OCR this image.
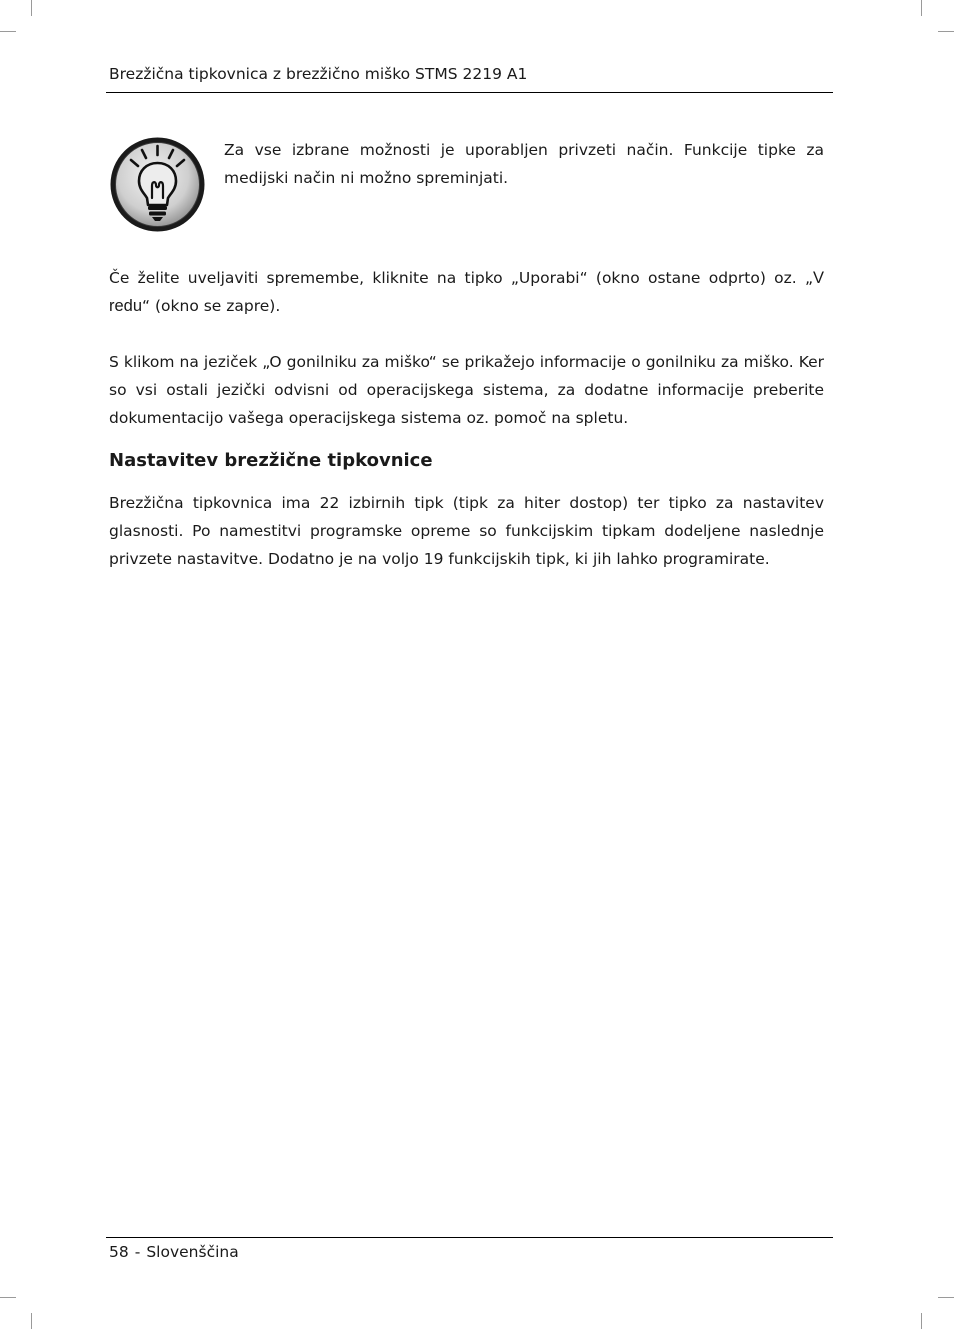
Brezžična tipkovnica z brezžično miško STMS 2219 A1

Za vse izbrane možnosti je uporabljen privzeti način. Funkcije tipke za medijski način ni možno spreminjati.

Če želite uveljaviti spremembe, kliknite na tipko „Uporabi“ (okno ostane odprto) oz. „V redu“ (okno se zapre).

S klikom na jeziček „O gonilniku za miško“ se prikažejo informacije o gonilniku za miško. Ker so vsi ostali jezički odvisni od operacijskega sistema, za dodatne informacije preberite dokumentacijo vašega operacijskega sistema oz. pomoč na spletu.

Nastavitev brezžične tipkovnice

Brezžična tipkovnica ima 22 izbirnih tipk (tipk za hiter dostop) ter tipko za nastavitev glasnosti. Po namestitvi programske opreme so funkcijskim tipkam dodeljene naslednje privzete nastavitve. Dodatno je na voljo 19 funkcijskih tipk, ki jih lahko programirate.

58 - Slovenščina
